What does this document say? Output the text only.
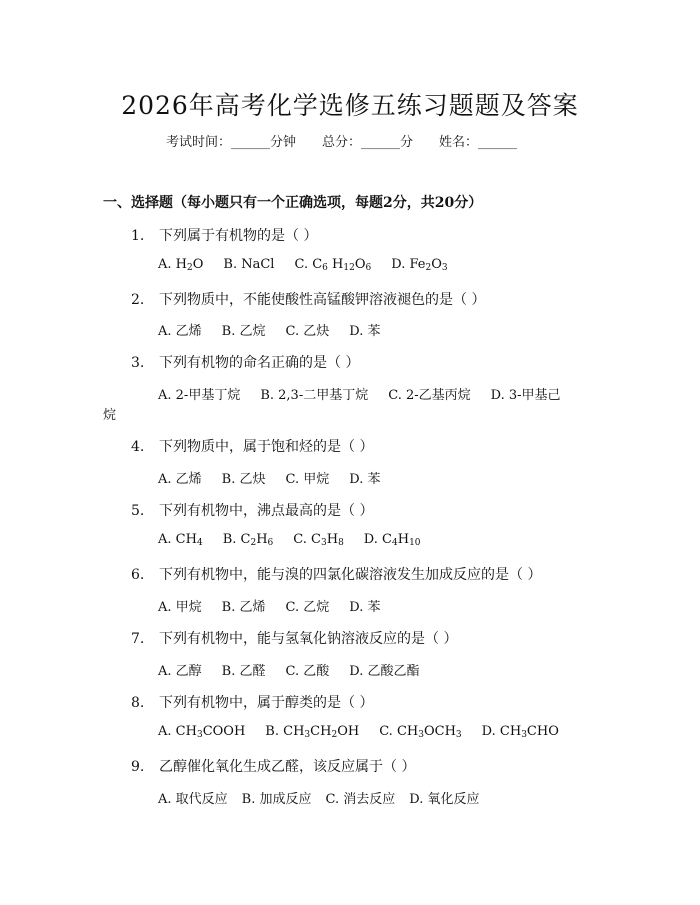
2026年高考化学选修五练习题题及答案
考试时间：______分钟 总分：______分 姓名：______
一、选择题（每小题只有一个正确选项，每题2分，共20分）
1. 下列属于有机物的是（ ）
A. $H_2O$ B. NaCl C. $C_6$ $H_{12}O_6$ D. $Fe_2O_3$
2. 下列物质中，不能使酸性高锰酸钾溶液褪色的是（ ）
A. 乙烯 B. 乙烷 C. 乙炔 D. 苯
3. 下列有机物的命名正确的是（ ）
A. 2-甲基丁烷 B. 2,3-二甲基丁烷 C. 2-乙基丙烷 D. 3-甲基己
烷
4. 下列物质中，属于饱和烃的是（ ）
A. 乙烯 B. 乙炔 C. 甲烷 D. 苯
5. 下列有机物中，沸点最高的是（ ）
A. $CH_4$ B. $C_2H_6$ C. $C_3H_8$ D. $C_4H_{10}$
6. 下列有机物中，能与溴的四氯化碳溶液发生加成反应的是（ ）
A. 甲烷 B. 乙烯 C. 乙烷 D. 苯
7. 下列有机物中，能与氢氧化钠溶液反应的是（ ）
A. 乙醇 B. 乙醛 C. 乙酸 D. 乙酸乙酯
8. 下列有机物中，属于醇类的是（ ）
A. $CH_3COOH$ B. $CH_3CH_2OH$ C. $CH_3OCH_3$ D. $CH_3CHO$
9. 乙醇催化氧化生成乙醛，该反应属于（ ）
A. 取代反应 B. 加成反应 C. 消去反应 D. 氧化反应
